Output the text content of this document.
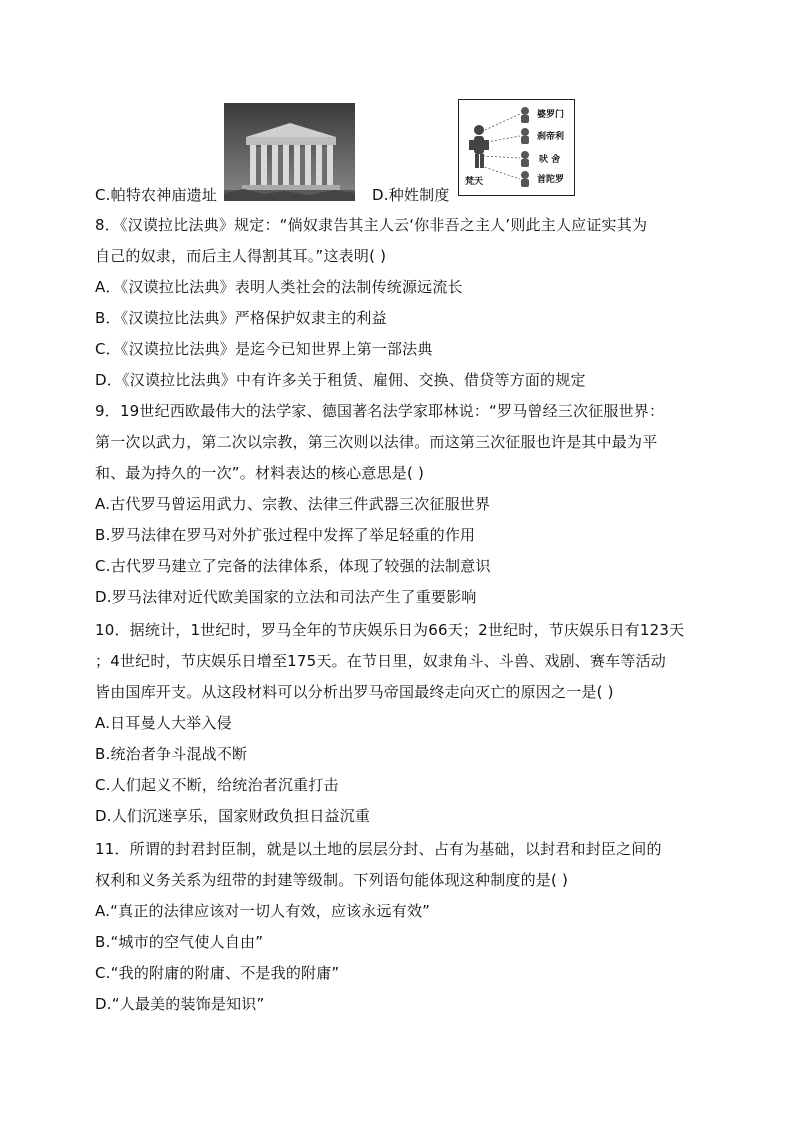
C.帕特农神庙遗址	D.种姓制度
婆罗门
刹帝利
吠 舍
首陀罗
梵天
8．《汉谟拉比法典》规定：“倘奴隶告其主人云‘你非吾之主人’则此主人应证实其为
自己的奴隶，而后主人得割其耳。”这表明( )
A．《汉谟拉比法典》表明人类社会的法制传统源远流长
B．《汉谟拉比法典》严格保护奴隶主的利益
C．《汉谟拉比法典》是迄今已知世界上第一部法典
D．《汉谟拉比法典》中有许多关于租赁、雇佣、交换、借贷等方面的规定
9．19世纪西欧最伟大的法学家、德国著名法学家耶林说：“罗马曾经三次征服世界：
第一次以武力，第二次以宗教，第三次则以法律。而这第三次征服也许是其中最为平
和、最为持久的一次”。材料表达的核心意思是( )
A.古代罗马曾运用武力、宗教、法律三件武器三次征服世界
B.罗马法律在罗马对外扩张过程中发挥了举足轻重的作用
C.古代罗马建立了完备的法律体系，体现了较强的法制意识
D.罗马法律对近代欧美国家的立法和司法产生了重要影响
10．据统计，1世纪时，罗马全年的节庆娱乐日为66天；2世纪时，节庆娱乐日有123天
；4世纪时，节庆娱乐日增至175天。在节日里，奴隶角斗、斗兽、戏剧、赛车等活动
皆由国库开支。从这段材料可以分析出罗马帝国最终走向灭亡的原因之一是( )
A.日耳曼人大举入侵
B.统治者争斗混战不断
C.人们起义不断，给统治者沉重打击
D.人们沉迷享乐，国家财政负担日益沉重
11．所谓的封君封臣制，就是以土地的层层分封、占有为基础，以封君和封臣之间的
权利和义务关系为纽带的封建等级制。下列语句能体现这种制度的是( )
A.“真正的法律应该对一切人有效，应该永远有效”
B.“城市的空气使人自由”
C.“我的附庸的附庸、不是我的附庸”
D.“人最美的装饰是知识”
